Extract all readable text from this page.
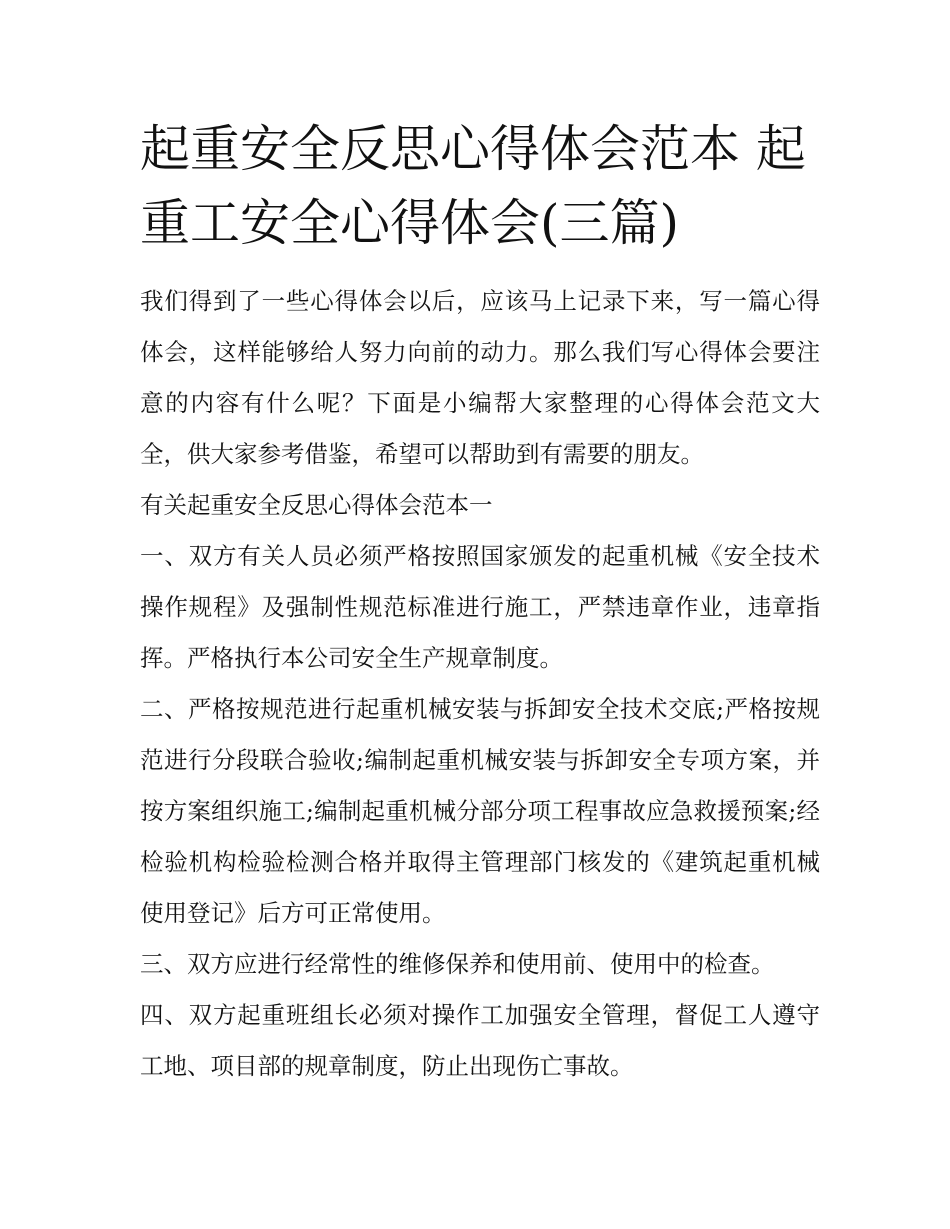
起重安全反思心得体会范本 起重工安全心得体会(三篇)

我们得到了一些心得体会以后，应该马上记录下来，写一篇心得体会，这样能够给人努力向前的动力。那么我们写心得体会要注意的内容有什么呢？下面是小编帮大家整理的心得体会范文大全，供大家参考借鉴，希望可以帮助到有需要的朋友。

有关起重安全反思心得体会范本一

一、双方有关人员必须严格按照国家颁发的起重机械《安全技术操作规程》及强制性规范标准进行施工，严禁违章作业，违章指挥。严格执行本公司安全生产规章制度。

二、严格按规范进行起重机械安装与拆卸安全技术交底;严格按规范进行分段联合验收;编制起重机械安装与拆卸安全专项方案，并按方案组织施工;编制起重机械分部分项工程事故应急救援预案;经检验机构检验检测合格并取得主管理部门核发的《建筑起重机械使用登记》后方可正常使用。

三、双方应进行经常性的维修保养和使用前、使用中的检查。

四、双方起重班组长必须对操作工加强安全管理，督促工人遵守工地、项目部的规章制度，防止出现伤亡事故。
